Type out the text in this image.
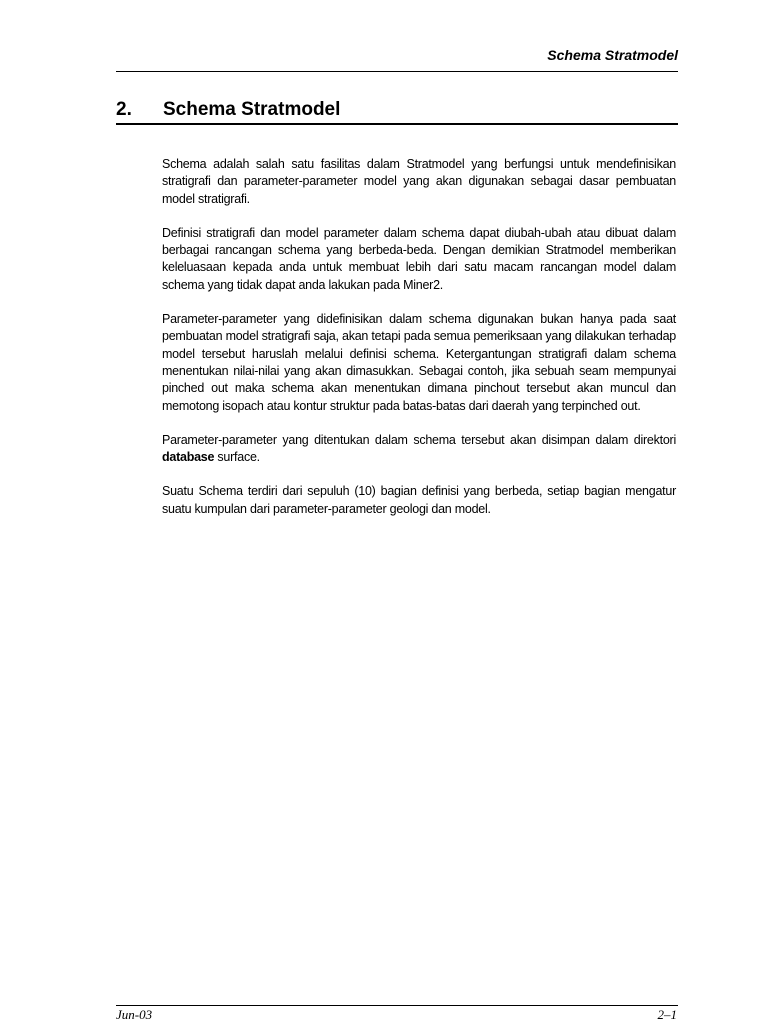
Schema Stratmodel
2.	Schema Stratmodel

Schema adalah salah satu fasilitas dalam Stratmodel yang berfungsi untuk mendefinisikan stratigrafi dan parameter-parameter model yang akan digunakan sebagai dasar pembuatan model stratigrafi.

Definisi stratigrafi dan model parameter dalam schema dapat diubah-ubah atau dibuat dalam berbagai rancangan schema yang berbeda-beda. Dengan demikian Stratmodel memberikan keleluasaan kepada anda untuk membuat lebih dari satu macam rancangan model dalam schema yang tidak dapat anda lakukan pada Miner2.

Parameter-parameter yang didefinisikan dalam schema digunakan bukan hanya pada saat pembuatan model stratigrafi saja, akan tetapi pada semua pemeriksaan yang dilakukan terhadap model tersebut haruslah melalui definisi schema. Ketergantungan stratigrafi dalam schema menentukan nilai-nilai yang akan dimasukkan. Sebagai contoh, jika sebuah seam mempunyai pinched out maka schema akan menentukan dimana pinchout tersebut akan muncul dan memotong isopach atau kontur struktur pada batas-batas dari daerah yang terpinched out.

Parameter-parameter yang ditentukan dalam schema tersebut akan disimpan dalam direktori database surface.

Suatu Schema terdiri dari sepuluh (10) bagian definisi yang berbeda, setiap bagian mengatur suatu kumpulan dari parameter-parameter geologi dan model.

Jun-03	2–1
